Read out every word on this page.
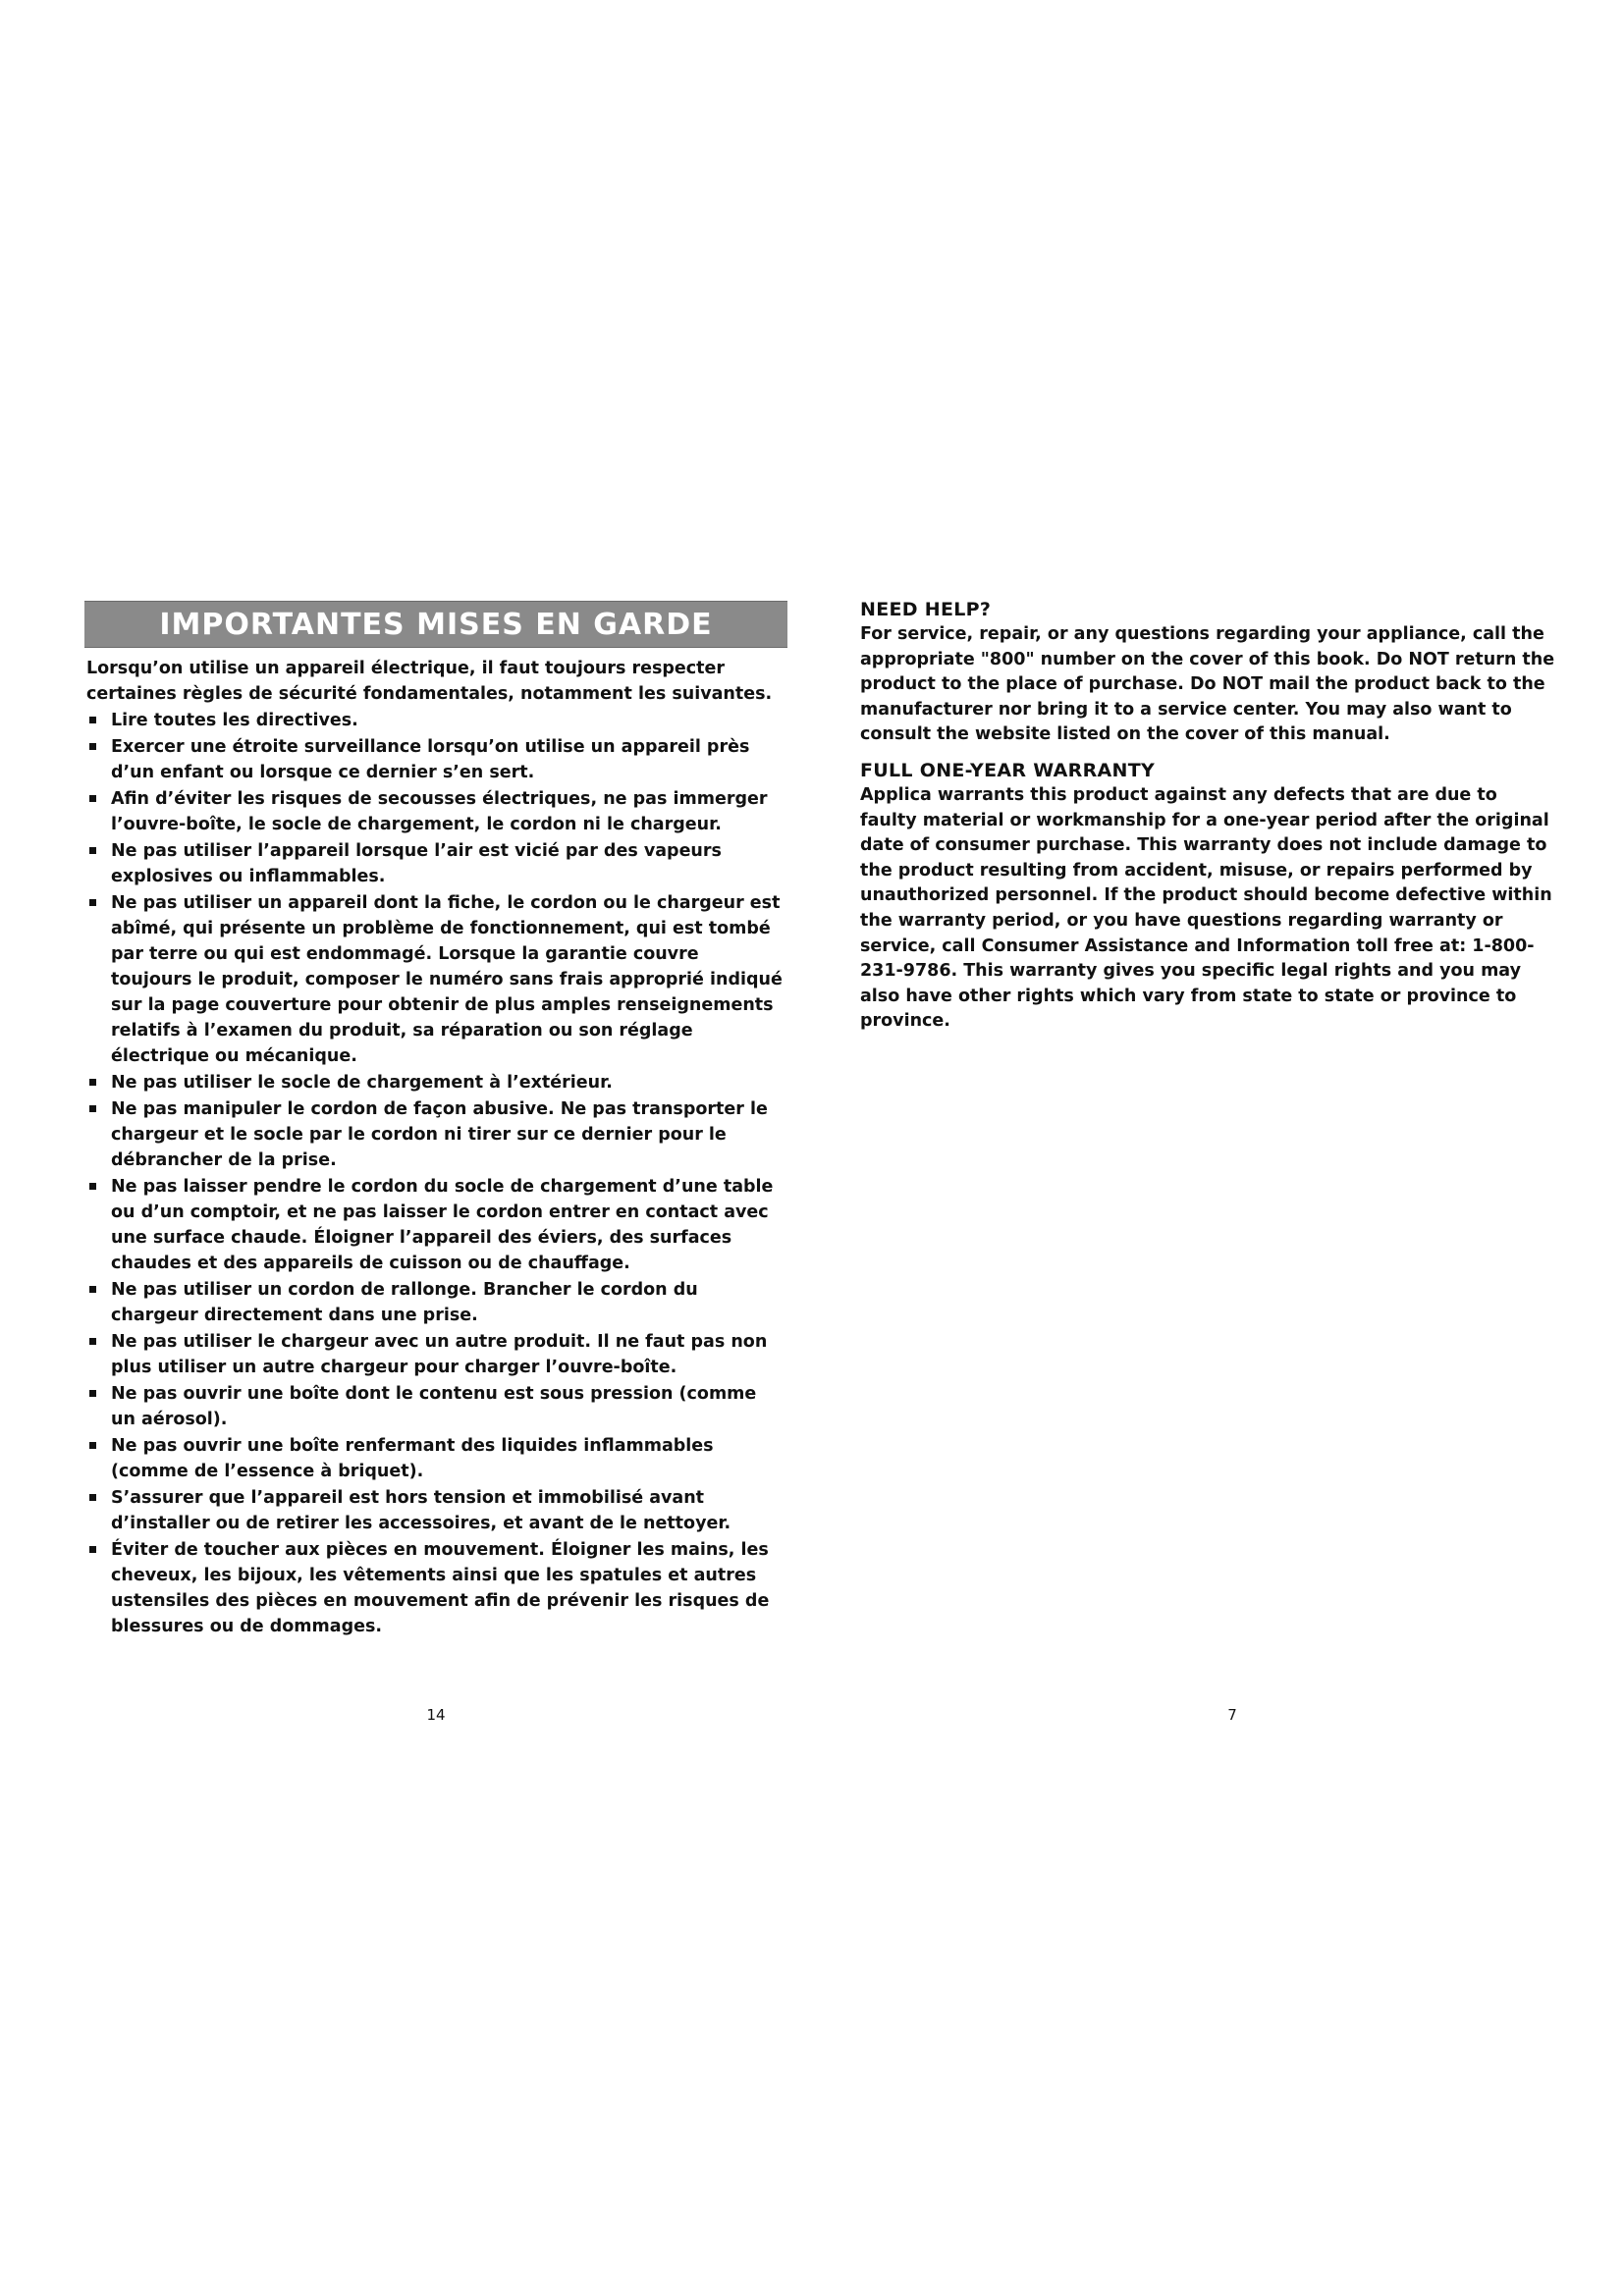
IMPORTANTES MISES EN GARDE

Lorsqu’on utilise un appareil électrique, il faut toujours respecter certaines règles de sécurité fondamentales, notamment les suivantes.

Lire toutes les directives.
Exercer une étroite surveillance lorsqu’on utilise un appareil près d’un enfant ou lorsque ce dernier s’en sert.
Afin d’éviter les risques de secousses électriques, ne pas immerger l’ouvre-boîte, le socle de chargement, le cordon ni le chargeur.
Ne pas utiliser l’appareil lorsque l’air est vicié par des vapeurs explosives ou inflammables.
Ne pas utiliser un appareil dont la fiche, le cordon ou le chargeur est abîmé, qui présente un problème de fonctionnement, qui est tombé par terre ou qui est endommagé. Lorsque la garantie couvre toujours le produit, composer le numéro sans frais approprié indiqué sur la page couverture pour obtenir de plus amples renseignements relatifs à l’examen du produit, sa réparation ou son réglage électrique ou mécanique.
Ne pas utiliser le socle de chargement à l’extérieur.
Ne pas manipuler le cordon de façon abusive. Ne pas transporter le chargeur et le socle par le cordon ni tirer sur ce dernier pour le débrancher de la prise.
Ne pas laisser pendre le cordon du socle de chargement d’une table ou d’un comptoir, et ne pas laisser le cordon entrer en contact avec une surface chaude. Éloigner l’appareil des éviers, des surfaces chaudes et des appareils de cuisson ou de chauffage.
Ne pas utiliser un cordon de rallonge. Brancher le cordon du chargeur directement dans une prise.
Ne pas utiliser le chargeur avec un autre produit. Il ne faut pas non plus utiliser un autre chargeur pour charger l’ouvre-boîte.
Ne pas ouvrir une boîte dont le contenu est sous pression (comme un aérosol).
Ne pas ouvrir une boîte renfermant des liquides inflammables (comme de l’essence à briquet).
S’assurer que l’appareil est hors tension et immobilisé avant d’installer ou de retirer les accessoires, et avant de le nettoyer.
Éviter de toucher aux pièces en mouvement. Éloigner les mains, les cheveux, les bijoux, les vêtements ainsi que les spatules et autres ustensiles des pièces en mouvement afin de prévenir les risques de blessures ou de dommages.
14
NEED HELP?

For service, repair, or any questions regarding your appliance, call the appropriate "800" number on the cover of this book. Do NOT return the product to the place of purchase. Do NOT mail the product back to the manufacturer nor bring it to a service center. You may also want to consult the website listed on the cover of this manual.

FULL ONE-YEAR WARRANTY

Applica warrants this product against any defects that are due to faulty material or workmanship for a one-year period after the original date of consumer purchase. This warranty does not include damage to the product resulting from accident, misuse, or repairs performed by unauthorized personnel. If the product should become defective within the warranty period, or you have questions regarding warranty or service, call Consumer Assistance and Information toll free at: 1-800-231-9786. This warranty gives you specific legal rights and you may also have other rights which vary from state to state or province to province.

7
